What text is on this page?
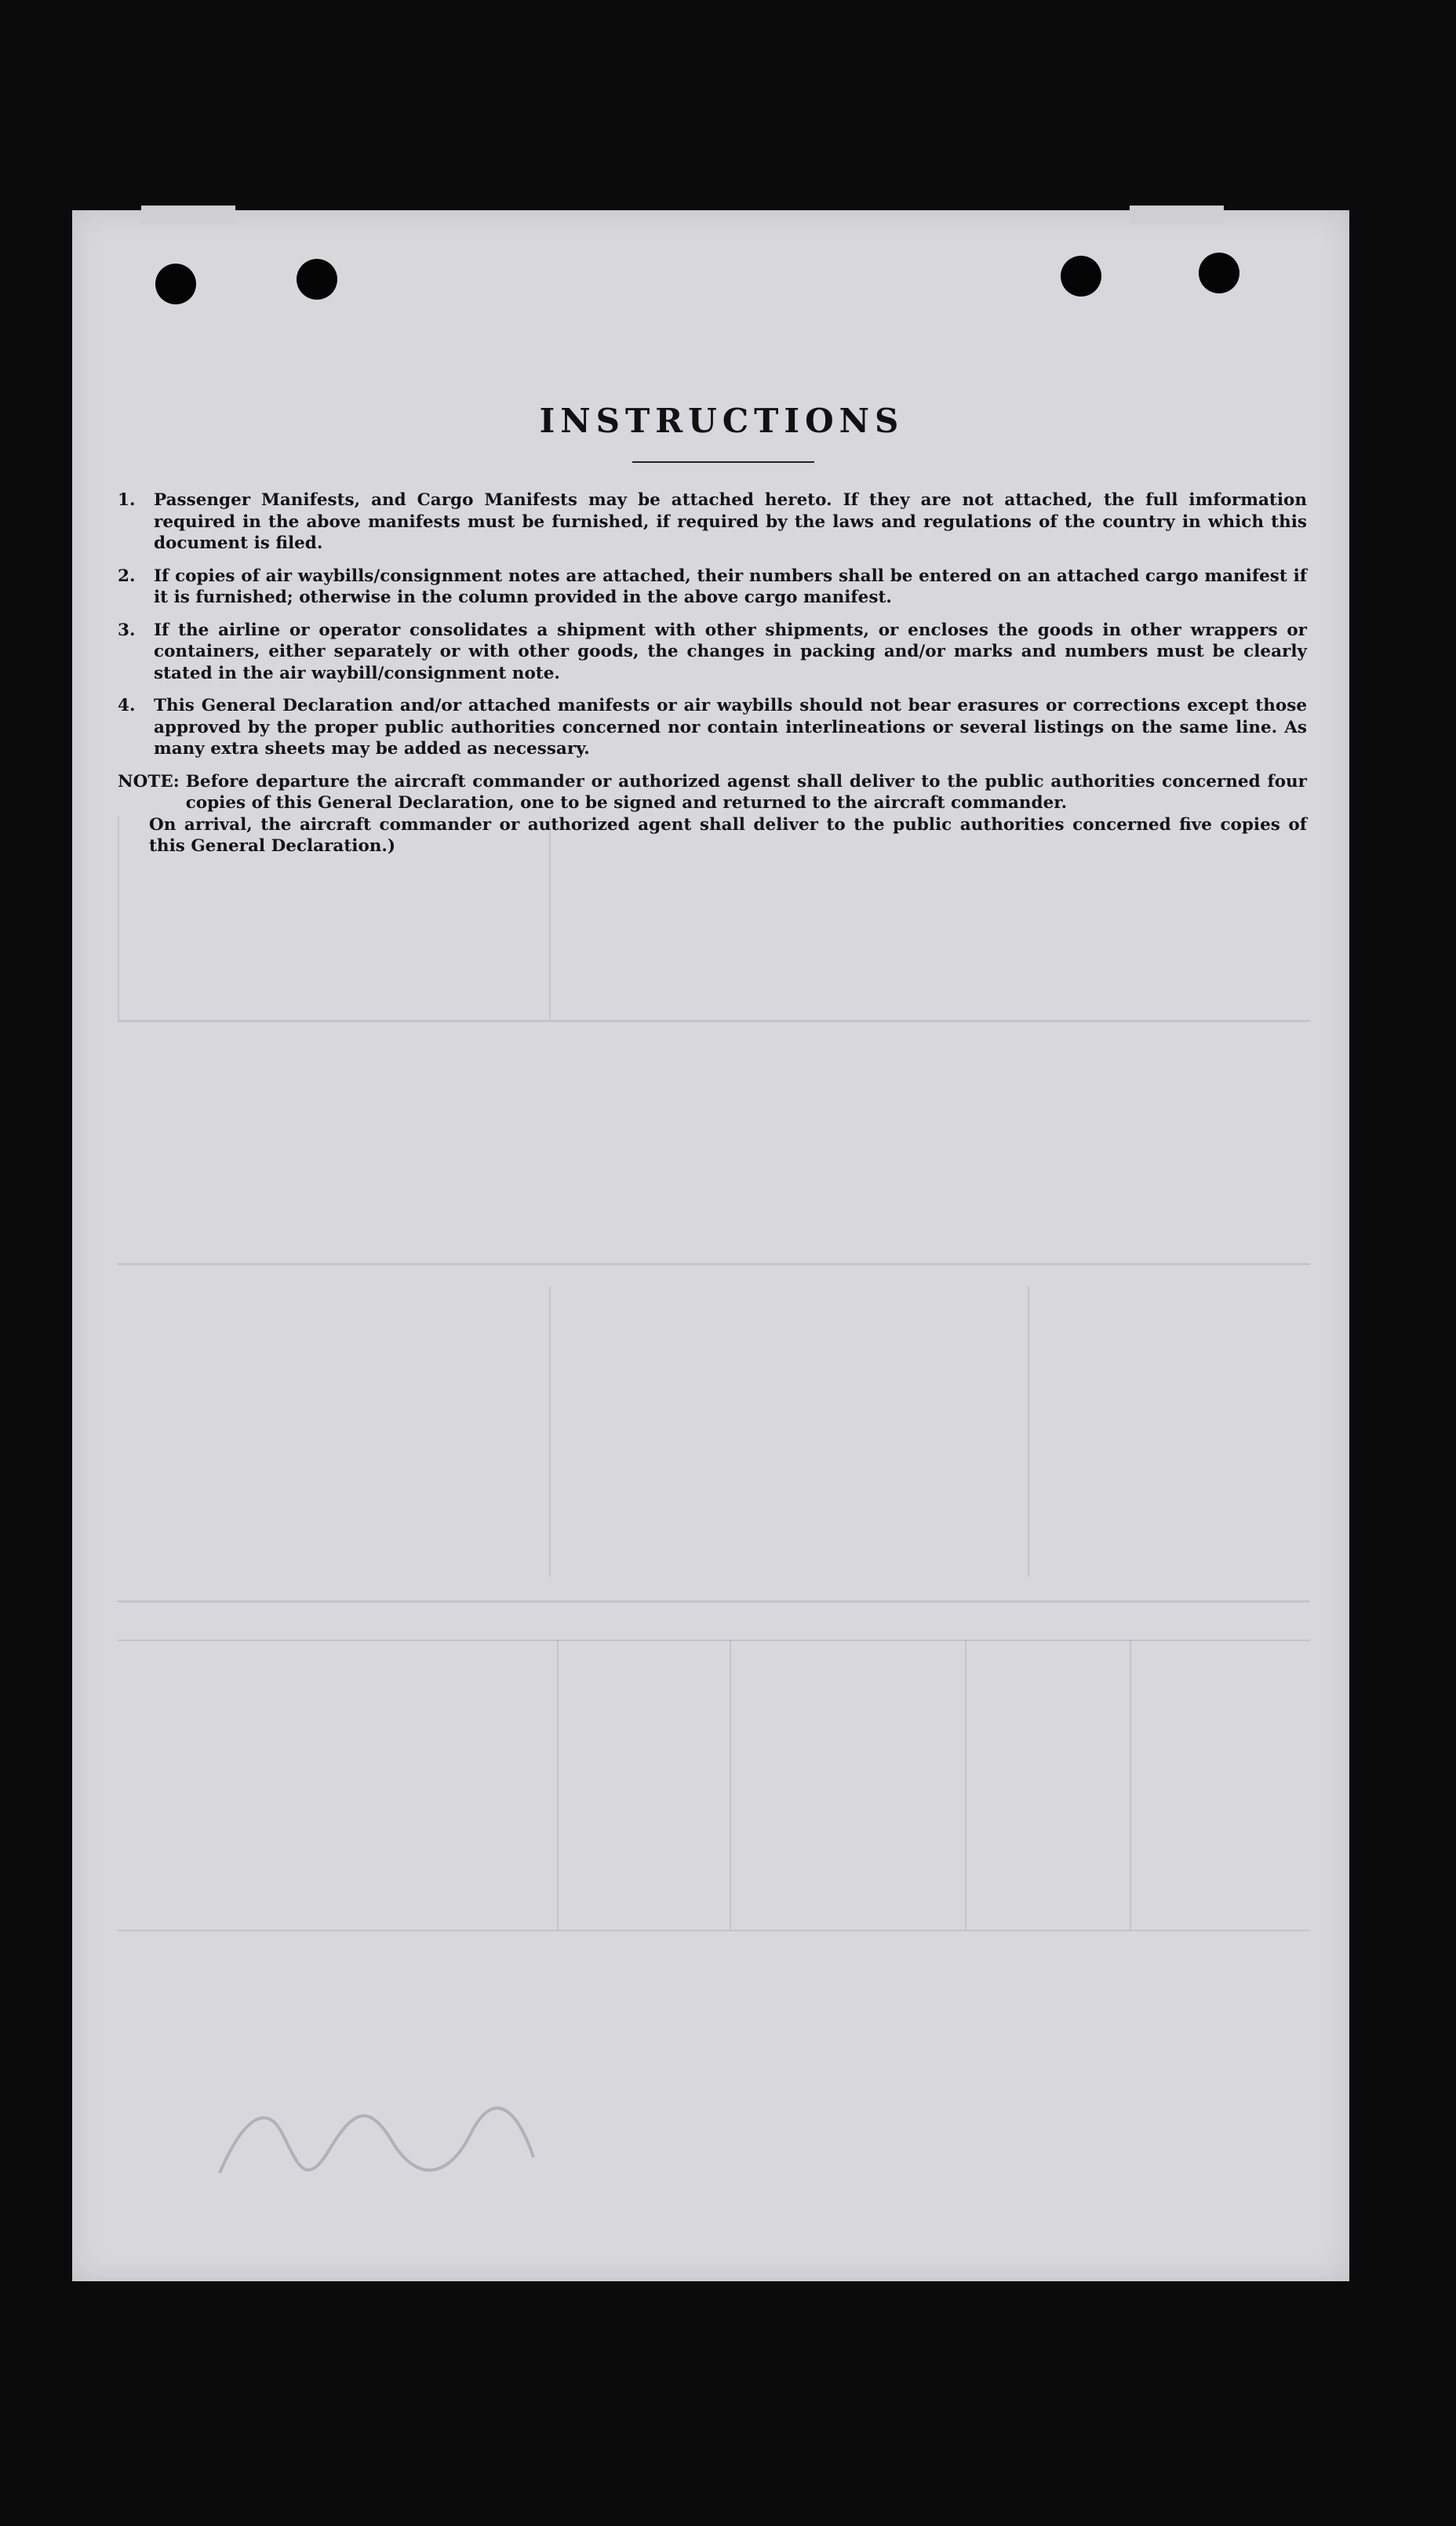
INSTRUCTIONS
1.	Passenger Manifests, and Cargo Manifests may be attached hereto. If they are not attached, the full imformation required in the above manifests must be furnished, if required by the laws and regulations of the country in which this document is filed.
2.	If copies of air waybills/consignment notes are attached, their numbers shall be entered on an attached cargo manifest if it is furnished; otherwise in the column provided in the above cargo manifest.
3.	If the airline or operator consolidates a shipment with other shipments, or encloses the goods in other wrappers or containers, either separately or with other goods, the changes in packing and/or marks and numbers must be clearly stated in the air waybill/consignment note.
4.	This General Declaration and/or attached manifests or air waybills should not bear erasures or corrections except those approved by the proper public authorities concerned nor contain interlineations or several listings on the same line. As many extra sheets may be added as necessary.
NOTE: Before departure the aircraft commander or authorized agenst shall deliver to the public authorities concerned four copies of this General Declaration, one to be signed and returned to the aircraft commander.
On arrival, the aircraft commander or authorized agent shall deliver to the public authorities concerned five copies of this General Declaration.)
